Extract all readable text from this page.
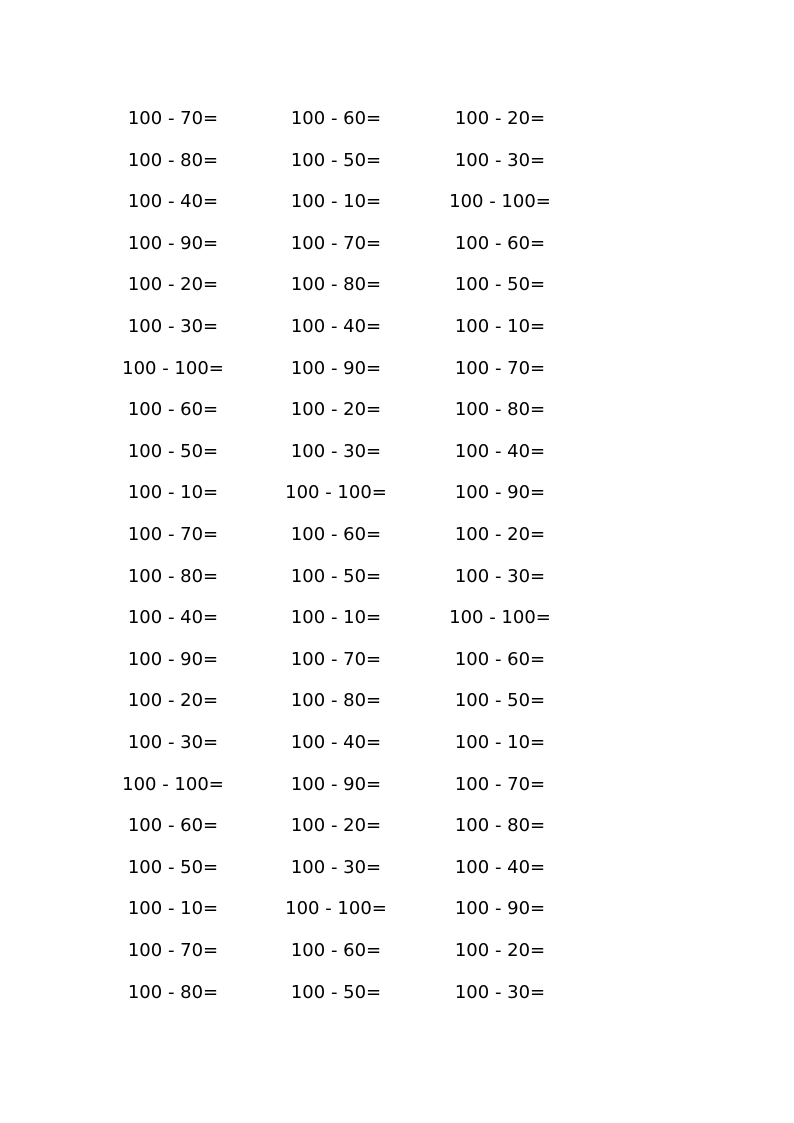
100 - 70=	100 - 60=	100 - 20=
100 - 80=	100 - 50=	100 - 30=
100 - 40=	100 - 10=	100 - 100=
100 - 90=	100 - 70=	100 - 60=
100 - 20=	100 - 80=	100 - 50=
100 - 30=	100 - 40=	100 - 10=
100 - 100=	100 - 90=	100 - 70=
100 - 60=	100 - 20=	100 - 80=
100 - 50=	100 - 30=	100 - 40=
100 - 10=	100 - 100=	100 - 90=
100 - 70=	100 - 60=	100 - 20=
100 - 80=	100 - 50=	100 - 30=
100 - 40=	100 - 10=	100 - 100=
100 - 90=	100 - 70=	100 - 60=
100 - 20=	100 - 80=	100 - 50=
100 - 30=	100 - 40=	100 - 10=
100 - 100=	100 - 90=	100 - 70=
100 - 60=	100 - 20=	100 - 80=
100 - 50=	100 - 30=	100 - 40=
100 - 10=	100 - 100=	100 - 90=
100 - 70=	100 - 60=	100 - 20=
100 - 80=	100 - 50=	100 - 30=
